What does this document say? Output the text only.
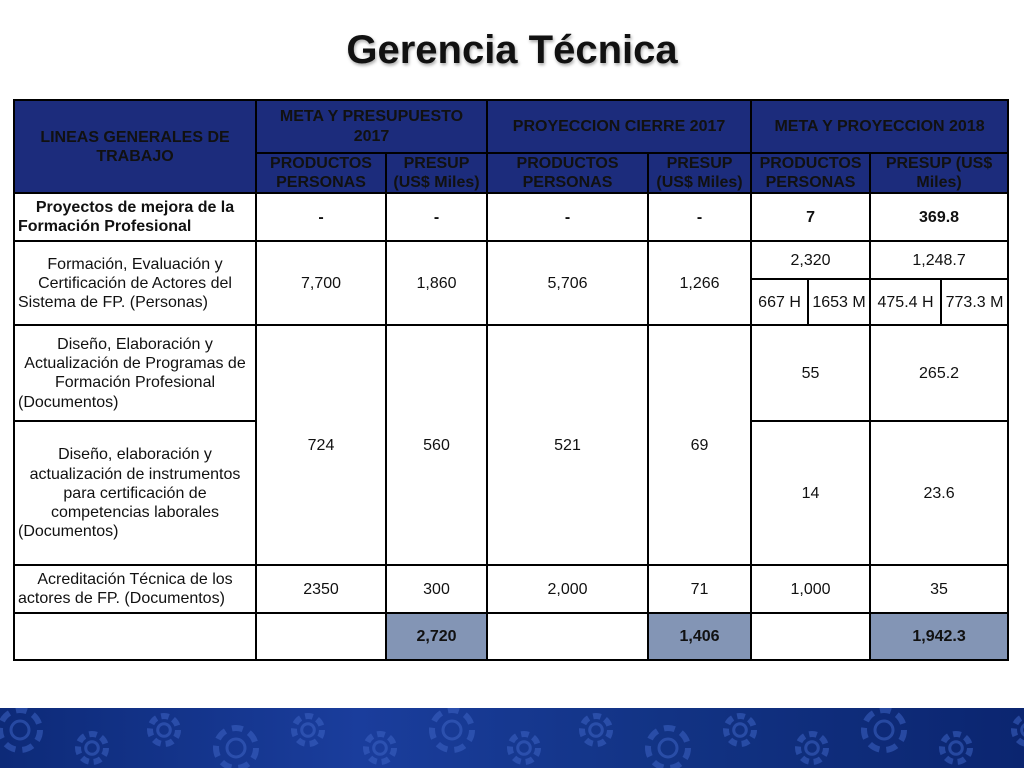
Gerencia Técnica
LINEAS GENERALES DE TRABAJO	META Y PRESUPUESTO 2017		PROYECCION CIERRE 2017		META Y PROYECCION 2018			
	PRODUCTOS PERSONAS	PRESUP (US$ Miles)	PRODUCTOS PERSONAS	PRESUP (US$ Miles)	PRODUCTOS PERSONAS		PRESUP (US$ Miles)	
Proyectos de mejora de la Formación Profesional	-	-	-	-	7		369.8	
Formación, Evaluación y Certificación de Actores del Sistema de FP. (Personas)	7,700	1,860	5,706	1,266	2,320		1,248.7	
					667 H	1653 M	475.4 H	773.3 M
Diseño, Elaboración y Actualización de Programas de Formación Profesional (Documentos)	724	560	521	69	55		265.2	
Diseño, elaboración y actualización de instrumentos para certificación de competencias laborales (Documentos)					14		23.6	
Acreditación Técnica de los actores de FP. (Documentos)	2350	300	2,000	71	1,000		35	
		2,720		1,406			1,942.3	
